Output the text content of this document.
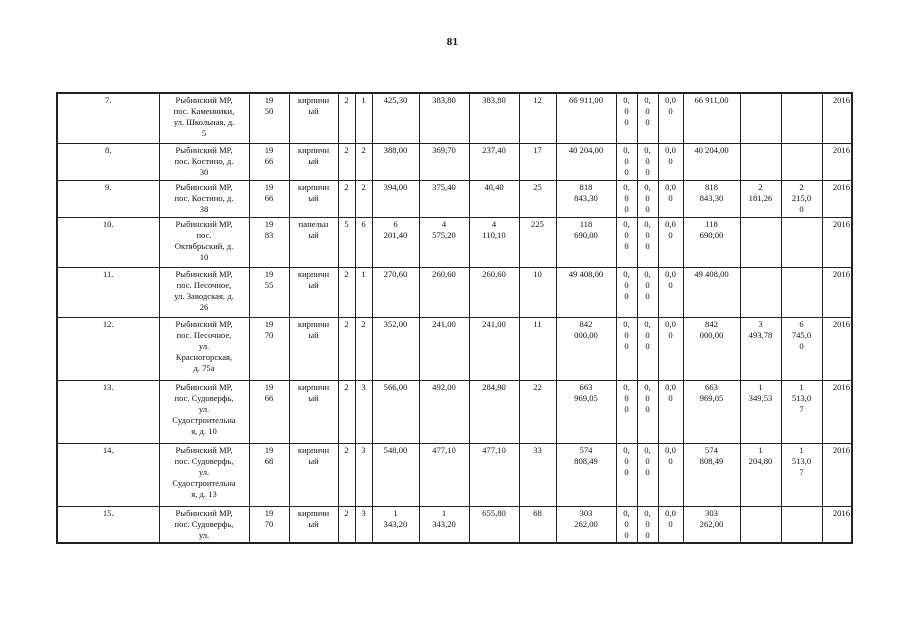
81
7.	Рыбинский МР,
пос. Каменники,
ул. Школьная, д.
5	19
50	кирпичн
ый	2	1	425,30	383,80	383,80	12	66 911,00	0,
0
0	0,
0
0	0,0
0	66 911,00			2016
8.	Рыбинский МР,
пос. Костино, д.
30	19
66	кирпичн
ый	2	2	388,00	369,70	237,40	17	40 204,00	0,
0
0	0,
0
0	0,0
0	40 204,00			2016
9.	Рыбинский МР,
пос. Костино, д.
38	19
66	кирпичн
ый	2	2	394,00	375,40	40,40	25	818
843,30	0,
0
0	0,
0
0	0,0
0	818
843,30	2
181,26	2
215,0
0	2016
10.	Рыбинский МР,
пос.
Октябрьский, д.
10	19
83	панельн
ый	5	6	6
201,40	4
575,20	4
110,10	225	118
690,00	0,
0
0	0,
0
0	0,0
0	118
690,00			2016
11.	Рыбинский МР,
пос. Песочное,
ул. Заводская, д.
26	19
55	кирпичн
ый	2	1	270,60	260,60	260,60	10	49 408,00	0,
0
0	0,
0
0	0,0
0	49 408,00			2016
12.	Рыбинский МР,
пос. Песочное,
ул.
Красногорская,
д. 75а	19
70	кирпичн
ый	2	2	352,00	241,00	241,00	11	842
000,00	0,
0
0	0,
0
0	0,0
0	842
000,00	3
493,78	6
745,0
0	2016
13.	Рыбинский МР,
пос. Судоверфь,
ул.
Судостроительна
я, д. 10	19
66	кирпичн
ый	2	3	566,00	492,00	284,90	22	663
969,05	0,
0
0	0,
0
0	0,0
0	663
969,05	1
349,53	1
513,0
7	2016
14.	Рыбинский МР,
пос. Судоверфь,
ул.
Судостроительна
я, д. 13	19
68	кирпичн
ый	2	3	548,00	477,10	477,10	33	574
808,49	0,
0
0	0,
0
0	0,0
0	574
808,49	1
204,80	1
513,0
7	2016
15.	Рыбинский МР,
пос. Судоверфь,
ул.	19
70	кирпичн
ый	2	3	1
343,20	1
343,20	655,80	68	303
262,00	0,
0
0	0,
0
0	0,0
0	303
262,00			2016
